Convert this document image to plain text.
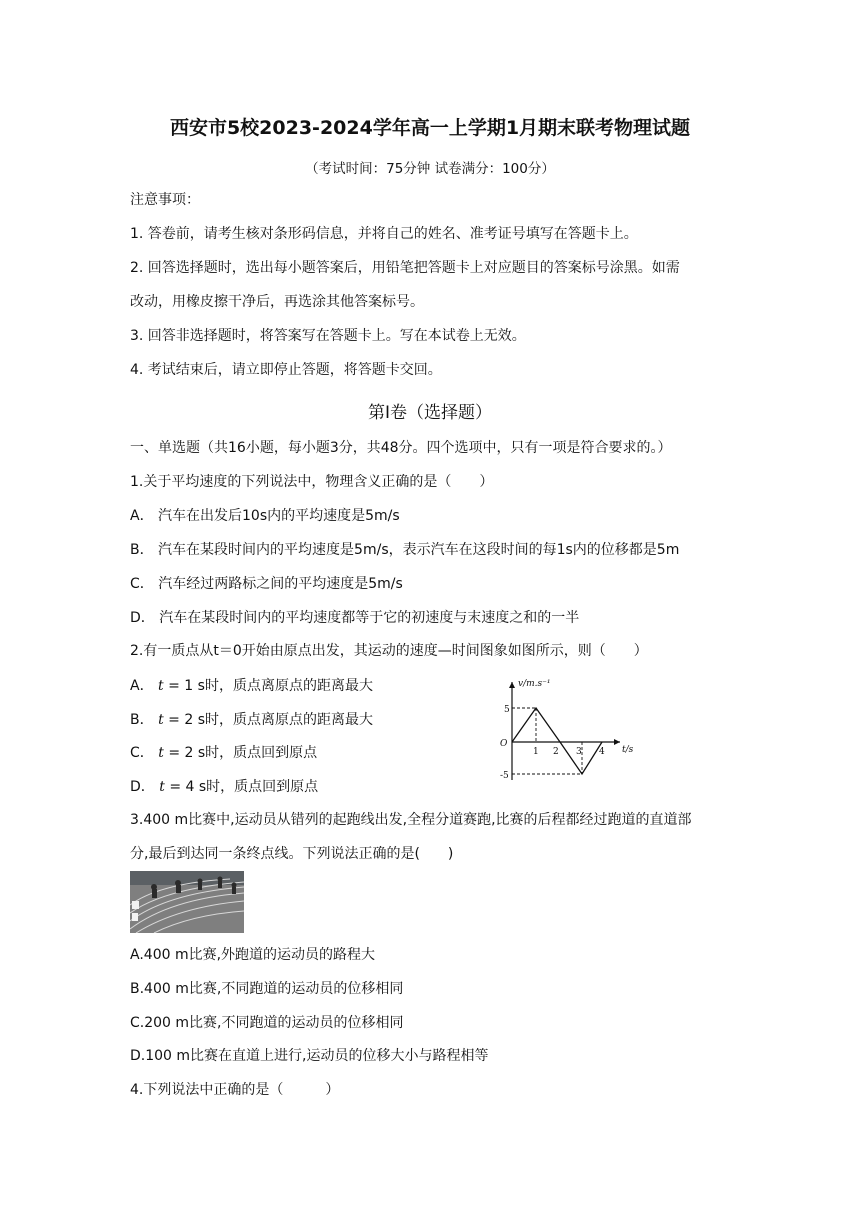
西安市5校2023-2024学年高一上学期1月期末联考物理试题
（考试时间：75分钟 试卷满分：100分）
注意事项：
1. 答卷前，请考生核对条形码信息，并将自己的姓名、准考证号填写在答题卡上。
2. 回答选择题时，选出每小题答案后，用铅笔把答题卡上对应题目的答案标号涂黑。如需
改动，用橡皮擦干净后，再选涂其他答案标号。
3. 回答非选择题时，将答案写在答题卡上。写在本试卷上无效。
4. 考试结束后，请立即停止答题，将答题卡交回。
第I卷（选择题）
一、单选题（共16小题，每小题3分，共48分。四个选项中，只有一项是符合要求的。）
1.关于平均速度的下列说法中，物理含义正确的是（　　）
A． 汽车在出发后10s内的平均速度是5m/s
B． 汽车在某段时间内的平均速度是5m/s，表示汽车在这段时间的每1s内的位移都是5m
C． 汽车经过两路标之间的平均速度是5m/s
D． 汽车在某段时间内的平均速度都等于它的初速度与末速度之和的一半
2.有一质点从t＝0开始由原点出发，其运动的速度—时间图象如图所示，则（　　）
A． t = 1 s时，质点离原点的距离最大
B． t = 2 s时，质点离原点的距离最大
C． t = 2 s时，质点回到原点
D． t = 4 s时，质点回到原点
v/m.s⁻¹
t/s
O
5
-5
1 2 3 4
3.400 m比赛中,运动员从错列的起跑线出发,全程分道赛跑,比赛的后程都经过跑道的直道部
分,最后到达同一条终点线。下列说法正确的是(　　)
A.400 m比赛,外跑道的运动员的路程大
B.400 m比赛,不同跑道的运动员的位移相同
C.200 m比赛,不同跑道的运动员的位移相同
D.100 m比赛在直道上进行,运动员的位移大小与路程相等
4.下列说法中正确的是（　　　）
